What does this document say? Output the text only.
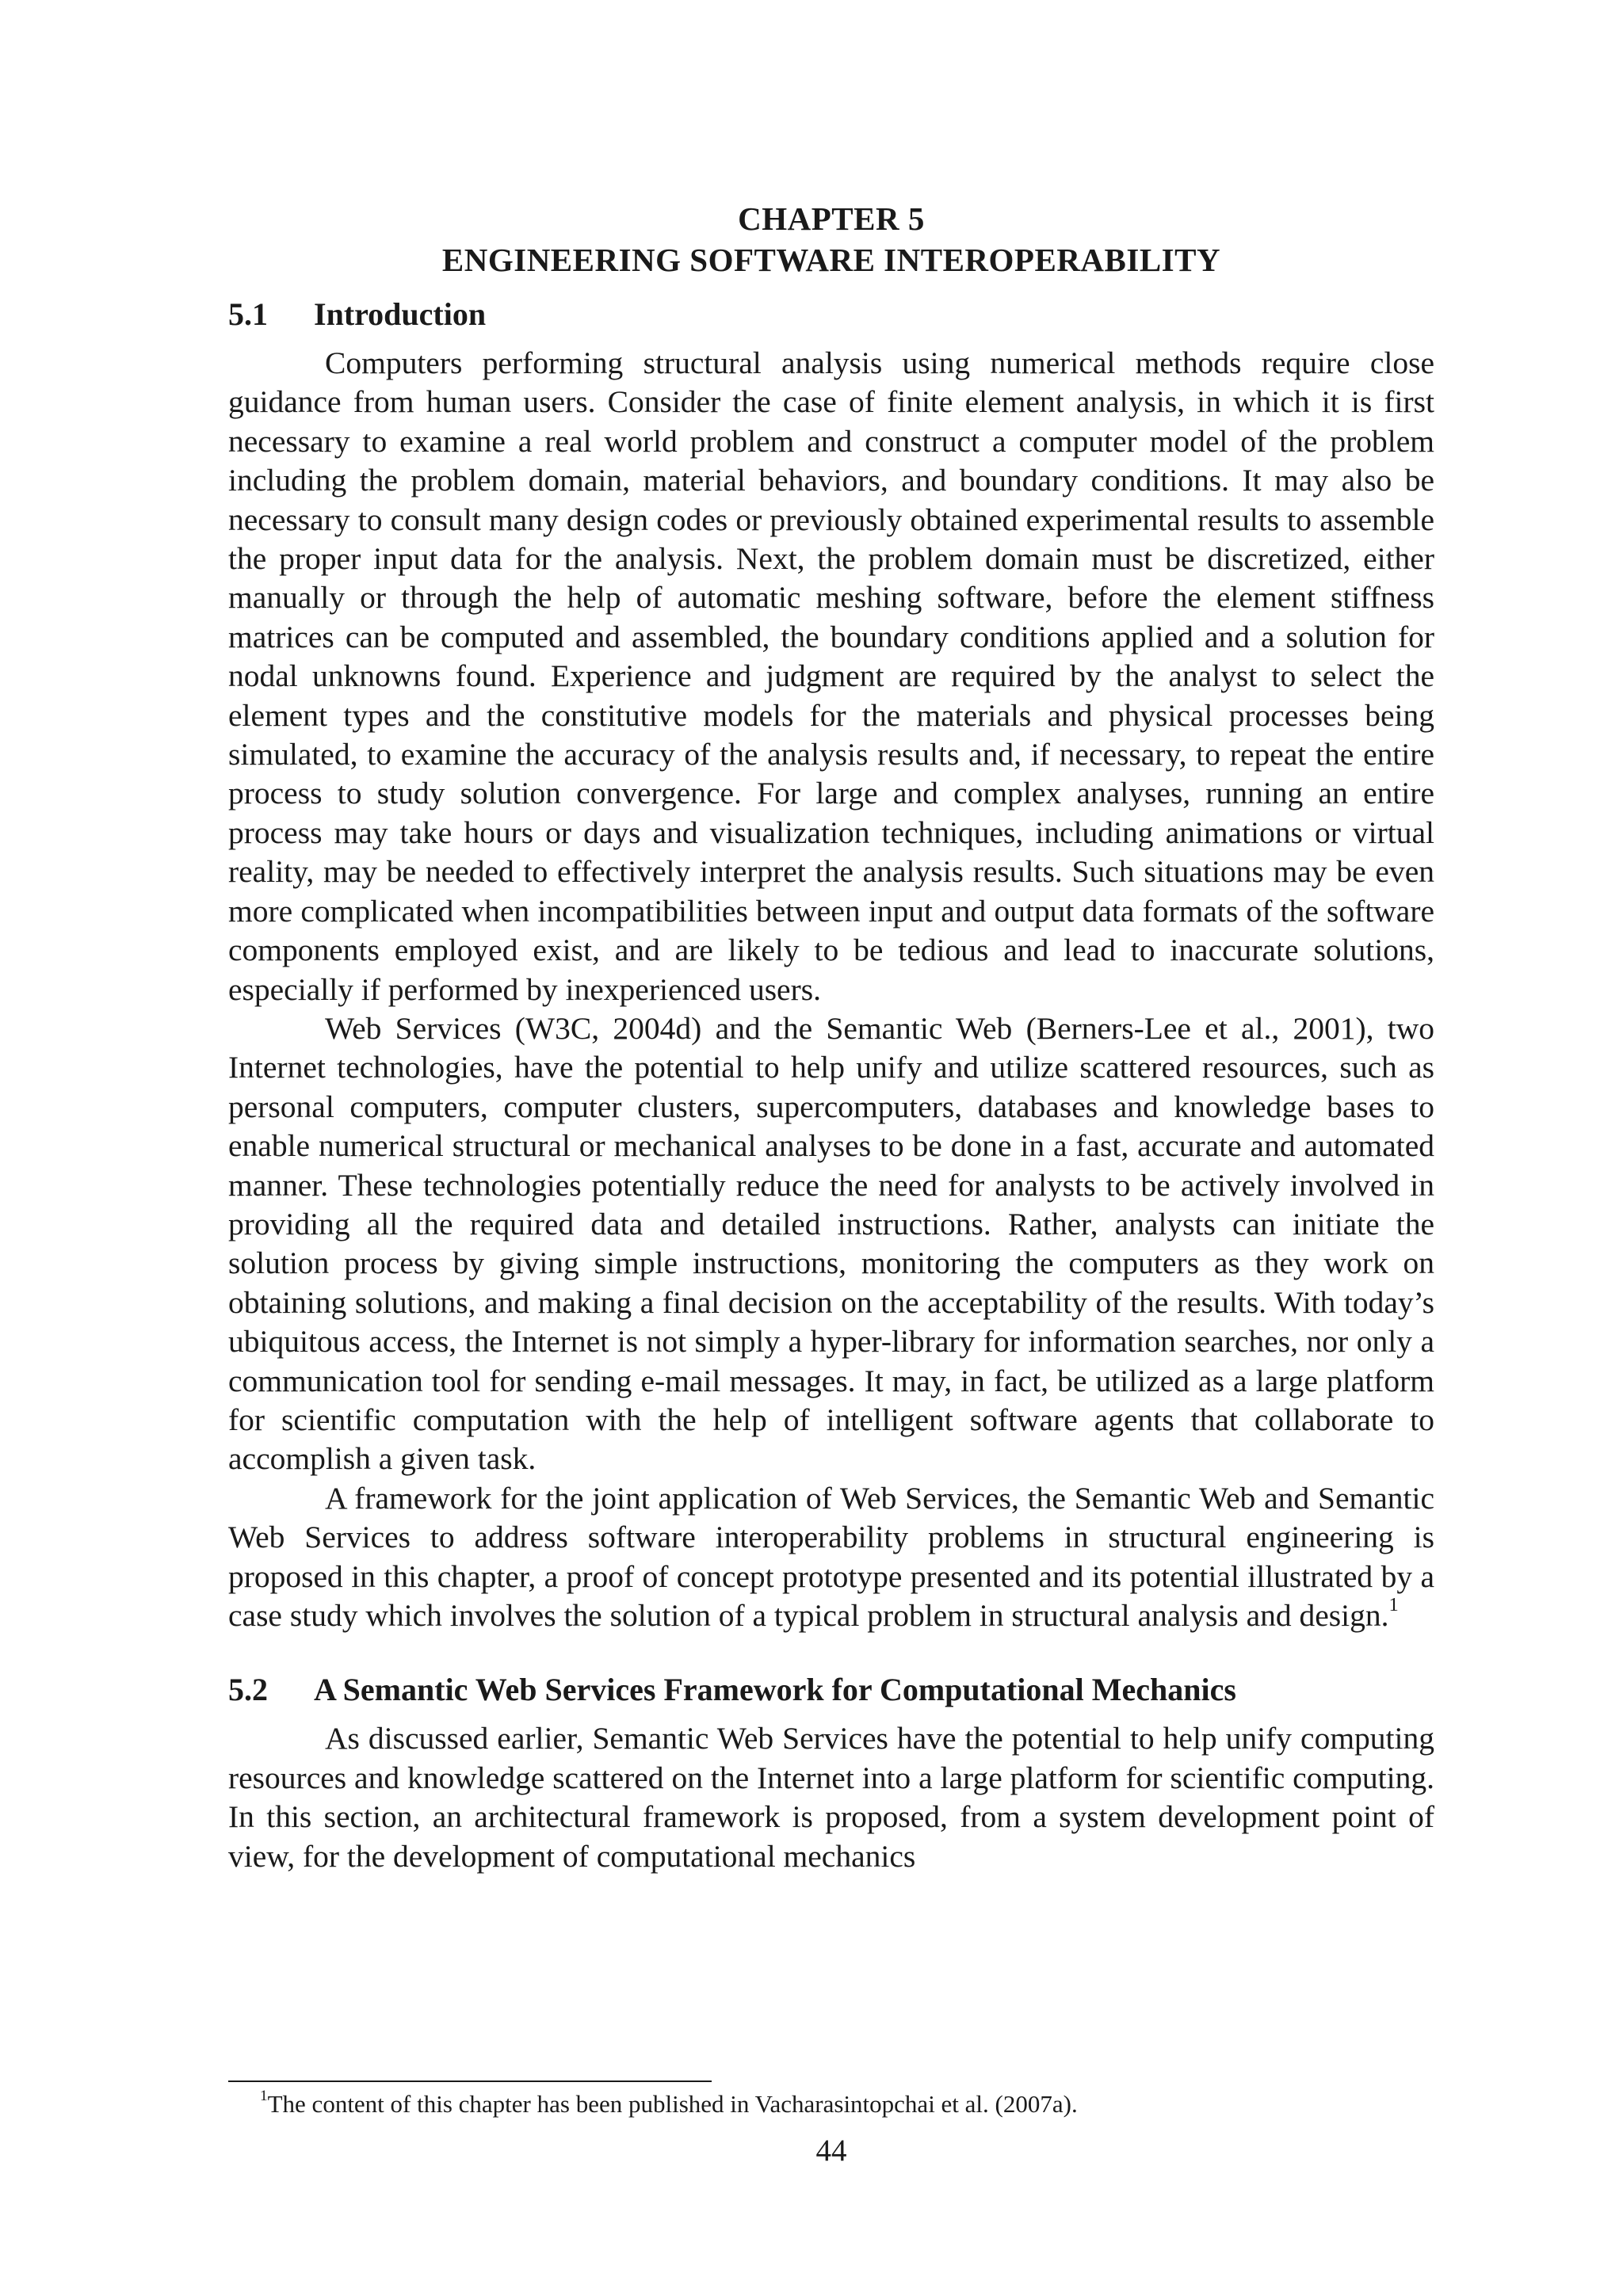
CHAPTER 5
ENGINEERING SOFTWARE INTEROPERABILITY
5.1	Introduction

Computers performing structural analysis using numerical methods require close guidance from human users. Consider the case of finite element analysis, in which it is first necessary to examine a real world problem and construct a computer model of the problem including the problem domain, material behaviors, and boundary conditions. It may also be necessary to consult many design codes or previously obtained experimental results to assemble the proper input data for the analysis. Next, the problem domain must be discretized, either manually or through the help of automatic meshing software, before the element stiffness matrices can be computed and assembled, the boundary conditions applied and a solution for nodal unknowns found. Experience and judgment are required by the analyst to select the element types and the constitutive models for the materials and physical processes being simulated, to examine the accuracy of the analysis results and, if necessary, to repeat the entire process to study solution convergence. For large and complex analyses, running an entire process may take hours or days and visualization techniques, including animations or virtual reality, may be needed to effectively interpret the analysis results. Such situations may be even more complicated when incompatibilities between input and output data formats of the software components employed exist, and are likely to be tedious and lead to inaccurate solutions, especially if performed by inexperienced users.

Web Services (W3C, 2004d) and the Semantic Web (Berners-Lee et al., 2001), two Internet technologies, have the potential to help unify and utilize scattered resources, such as personal computers, computer clusters, supercomputers, databases and knowledge bases to enable numerical structural or mechanical analyses to be done in a fast, accurate and automated manner. These technologies potentially reduce the need for analysts to be actively involved in providing all the required data and detailed instructions. Rather, analysts can initiate the solution process by giving simple instructions, monitoring the computers as they work on obtaining solutions, and making a final decision on the acceptability of the results. With today’s ubiquitous access, the Internet is not simply a hyper-library for information searches, nor only a communication tool for sending e-mail messages. It may, in fact, be utilized as a large platform for scientific computation with the help of intelligent software agents that collaborate to accomplish a given task.

A framework for the joint application of Web Services, the Semantic Web and Semantic Web Services to address software interoperability problems in structural engineering is proposed in this chapter, a proof of concept prototype presented and its potential illustrated by a case study which involves the solution of a typical problem in structural analysis and design.$^1$

5.2	A Semantic Web Services Framework for Computational Mechanics

As discussed earlier, Semantic Web Services have the potential to help unify computing resources and knowledge scattered on the Internet into a large platform for scientific computing. In this section, an architectural framework is proposed, from a system development point of view, for the development of computational mechanics

$^1$The content of this chapter has been published in Vacharasintopchai et al. (2007a).

44
